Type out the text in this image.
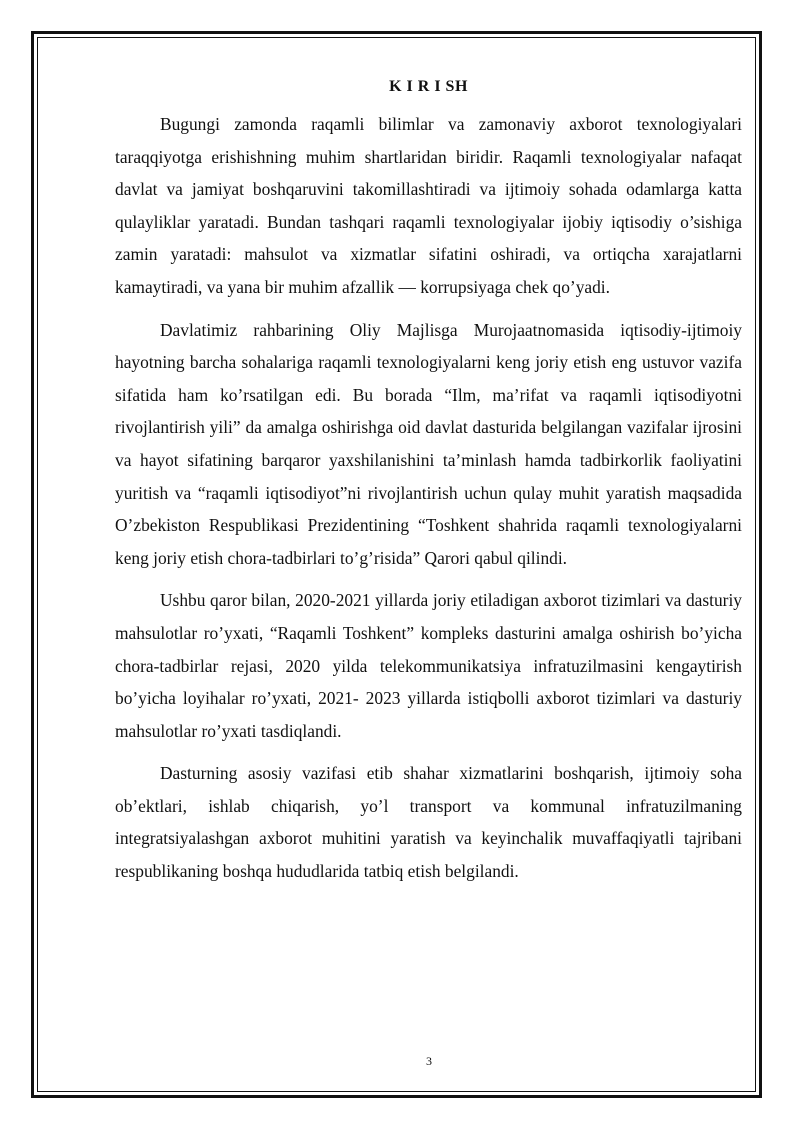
K I R I SH

Bugungi zamonda raqamli bilimlar va zamonaviy axborot texnologiyalari taraqqiyotga erishishning muhim shartlaridan biridir. Raqamli texnologiyalar nafaqat davlat va jamiyat boshqaruvini takomillashtiradi va ijtimoiy sohada odamlarga katta qulayliklar yaratadi. Bundan tashqari raqamli texnologiyalar ijobiy iqtisodiy o’sishiga zamin yaratadi: mahsulot va xizmatlar sifatini oshiradi, va ortiqcha xarajatlarni kamaytiradi, va yana bir muhim afzallik — korrupsiyaga chek qo’yadi.

Davlatimiz rahbarining Oliy Majlisga Murojaatnomasida iqtisodiy-ijtimoiy hayotning barcha sohalariga raqamli texnologiyalarni keng joriy etish eng ustuvor vazifa sifatida ham ko’rsatilgan edi. Bu borada “Ilm, ma’rifat va raqamli iqtisodiyotni rivojlantirish yili” da amalga oshirishga oid davlat dasturida belgilangan vazifalar ijrosini va hayot sifatining barqaror yaxshilanishini ta’minlash hamda tadbirkorlik faoliyatini yuritish va “raqamli iqtisodiyot”ni rivojlantirish uchun qulay muhit yaratish maqsadida O’zbekiston Respublikasi Prezidentining “Toshkent shahrida raqamli texnologiyalarni keng joriy etish chora-tadbirlari to’g’risida” Qarori qabul qilindi.

Ushbu qaror bilan, 2020-2021 yillarda joriy etiladigan axborot tizimlari va dasturiy mahsulotlar ro’yxati, “Raqamli Toshkent” kompleks dasturini amalga oshirish bo’yicha chora-tadbirlar rejasi, 2020 yilda telekommunikatsiya infratuzilmasini kengaytirish bo’yicha loyihalar ro’yxati, 2021- 2023 yillarda istiqbolli axborot tizimlari va dasturiy mahsulotlar ro’yxati tasdiqlandi.

Dasturning asosiy vazifasi etib shahar xizmatlarini boshqarish, ijtimoiy soha ob’ektlari, ishlab chiqarish, yo’l transport va kommunal infratuzilmaning integratsiyalashgan axborot muhitini yaratish va keyinchalik muvaffaqiyatli tajribani respublikaning boshqa hududlarida tatbiq etish belgilandi.

3
